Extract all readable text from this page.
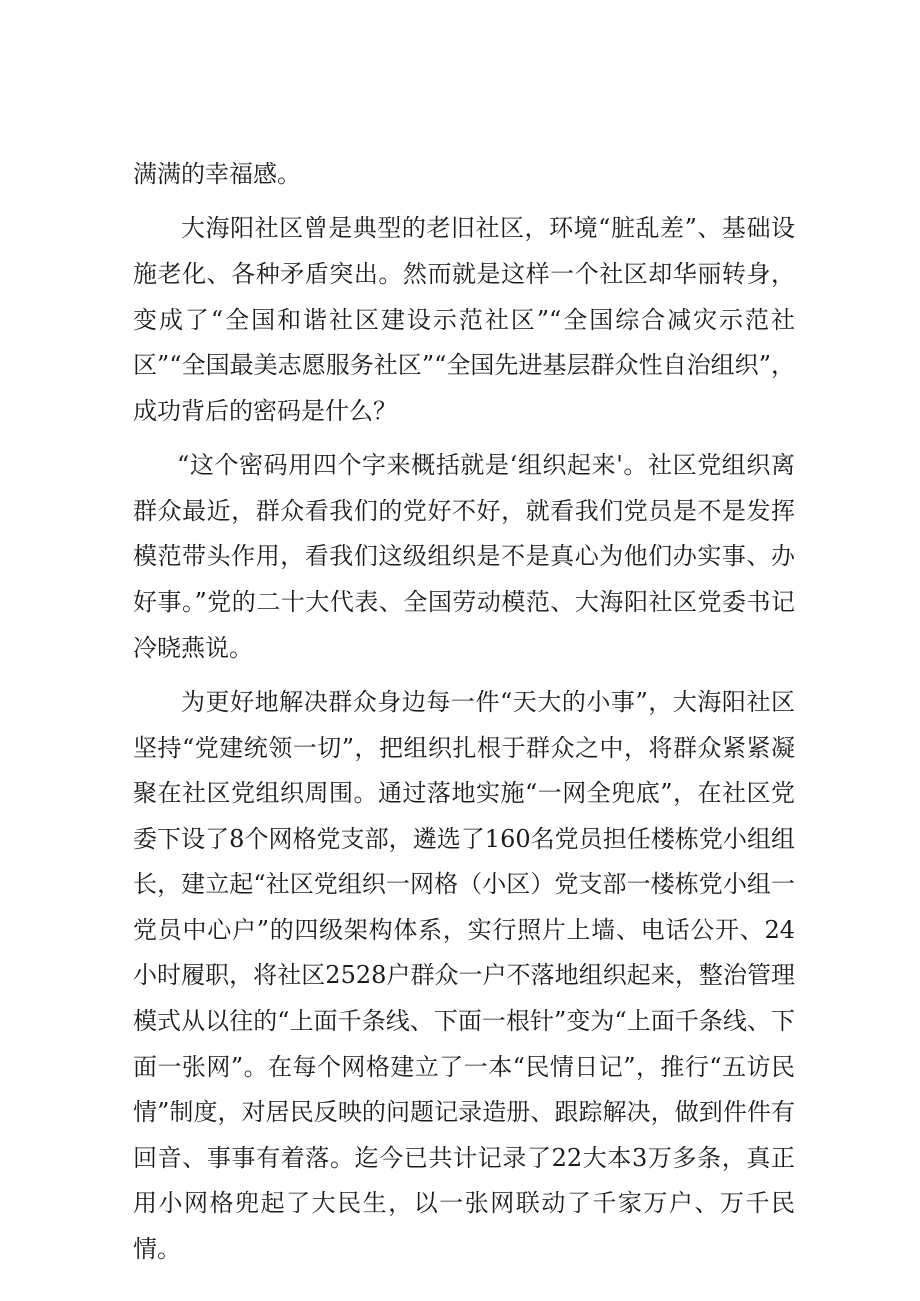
满满的幸福感。

大海阳社区曾是典型的老旧社区，环境“脏乱差”、基础设施老化、各种矛盾突出。然而就是这样一个社区却华丽转身，变成了“全国和谐社区建设示范社区”“全国综合减灾示范社区”“全国最美志愿服务社区”“全国先进基层群众性自治组织”，成功背后的密码是什么？

“这个密码用四个字来概括就是‘组织起来'。社区党组织离群众最近，群众看我们的党好不好，就看我们党员是不是发挥模范带头作用，看我们这级组织是不是真心为他们办实事、办好事。”党的二十大代表、全国劳动模范、大海阳社区党委书记冷晓燕说。

为更好地解决群众身边每一件“天大的小事”，大海阳社区坚持“党建统领一切”，把组织扎根于群众之中，将群众紧紧凝聚在社区党组织周围。通过落地实施“一网全兜底”，在社区党委下设了8个网格党支部，遴选了160名党员担任楼栋党小组组长，建立起“社区党组织一网格（小区）党支部一楼栋党小组一党员中心户”的四级架构体系，实行照片上墙、电话公开、24小时履职，将社区2528户群众一户不落地组织起来，整治管理模式从以往的“上面千条线、下面一根针”变为“上面千条线、下面一张网”。在每个网格建立了一本“民情日记”，推行“五访民情”制度，对居民反映的问题记录造册、跟踪解决，做到件件有回音、事事有着落。迄今已共计记录了22大本3万多条，真正用小网格兜起了大民生，以一张网联动了千家万户、万千民情。
